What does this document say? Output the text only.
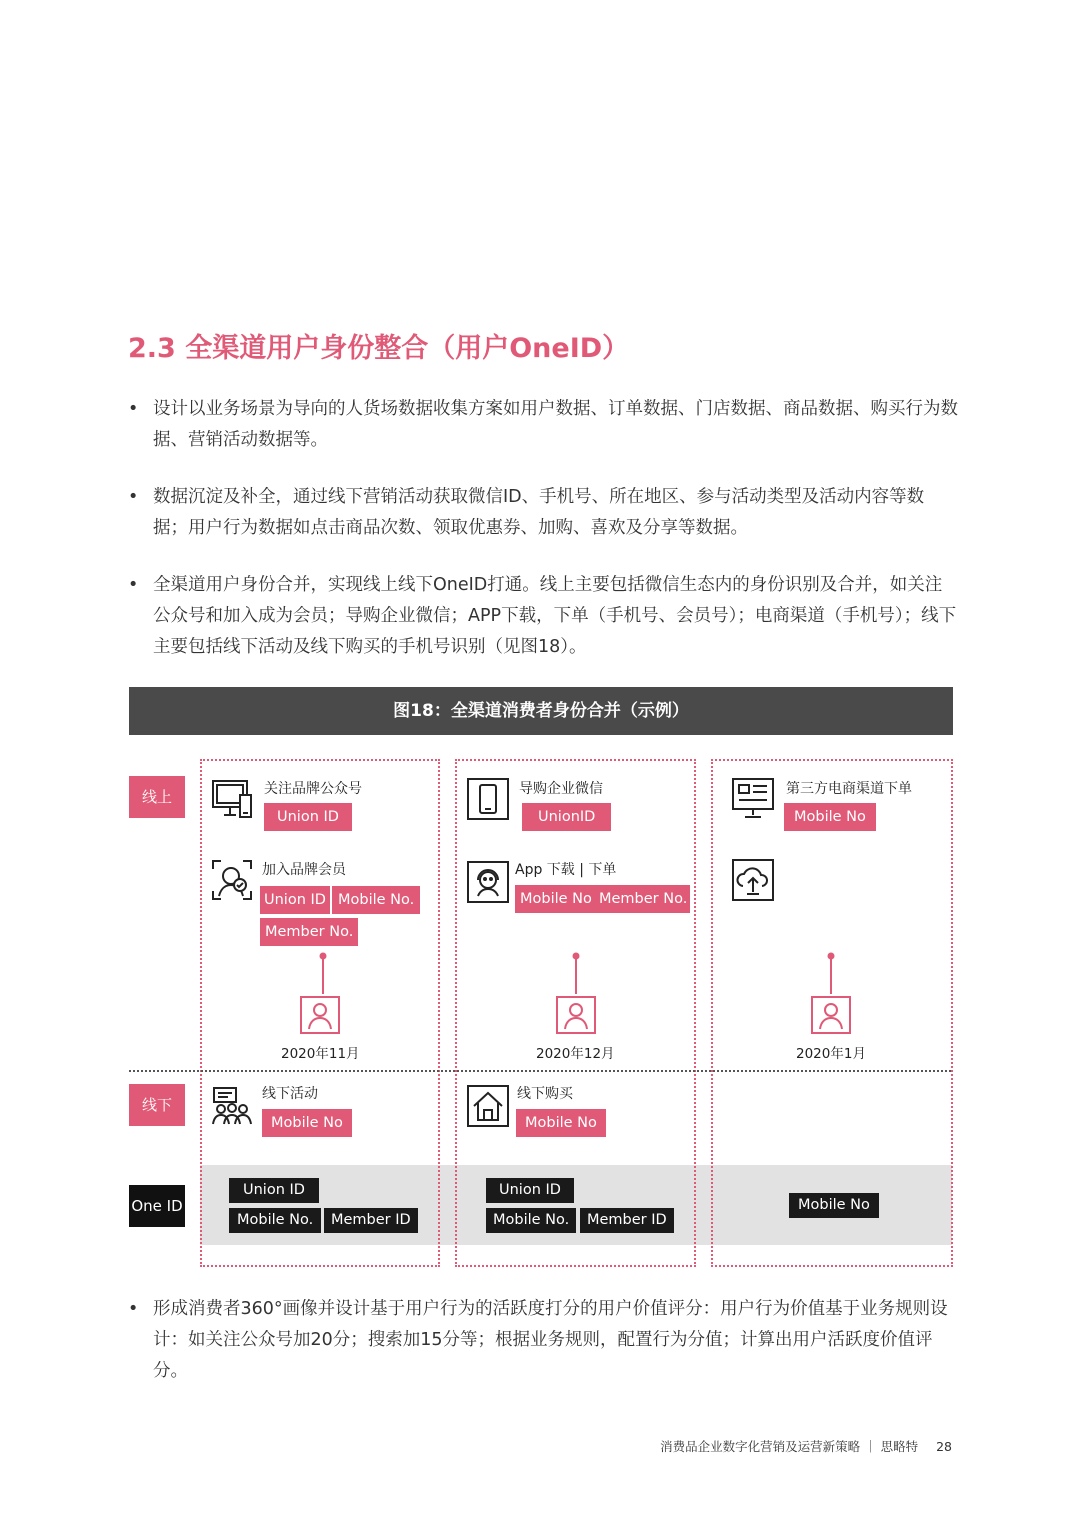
2.3 全渠道用户身份整合（用户OneID）
• 设计以业务场景为导向的人货场数据收集方案如用户数据、订单数据、门店数据、商品数据、购买行为数据、营销活动数据等。
• 数据沉淀及补全，通过线下营销活动获取微信ID、手机号、所在地区、参与活动类型及活动内容等数据；用户行为数据如点击商品次数、领取优惠券、加购、喜欢及分享等数据。
• 全渠道用户身份合并，实现线上线下OneID打通。线上主要包括微信生态内的身份识别及合并，如关注公众号和加入成为会员；导购企业微信；APP下载，下单（手机号、会员号）；电商渠道（手机号）；线下主要包括线下活动及线下购买的手机号识别（见图18）。
图18：全渠道消费者身份合并（示例）
线上
线下
One ID
关注品牌公众号
Union ID
加入品牌会员
Union ID Mobile No.
Member No.
2020年11月
线下活动
Mobile No
Union ID
Mobile No.	Member ID
导购企业微信
UnionID
App 下载 | 下单
Mobile No Member No.
2020年12月
线下购买
Mobile No
Union ID
Mobile No.	Member ID
第三方电商渠道下单
Mobile No
2020年1月
Mobile No
• 形成消费者360°画像并设计基于用户行为的活跃度打分的用户价值评分：用户行为价值基于业务规则设计：如关注公众号加20分；搜索加15分等；根据业务规则，配置行为分值；计算出用户活跃度价值评分。
消费品企业数字化营销及运营新策略 ｜ 思略特 28
